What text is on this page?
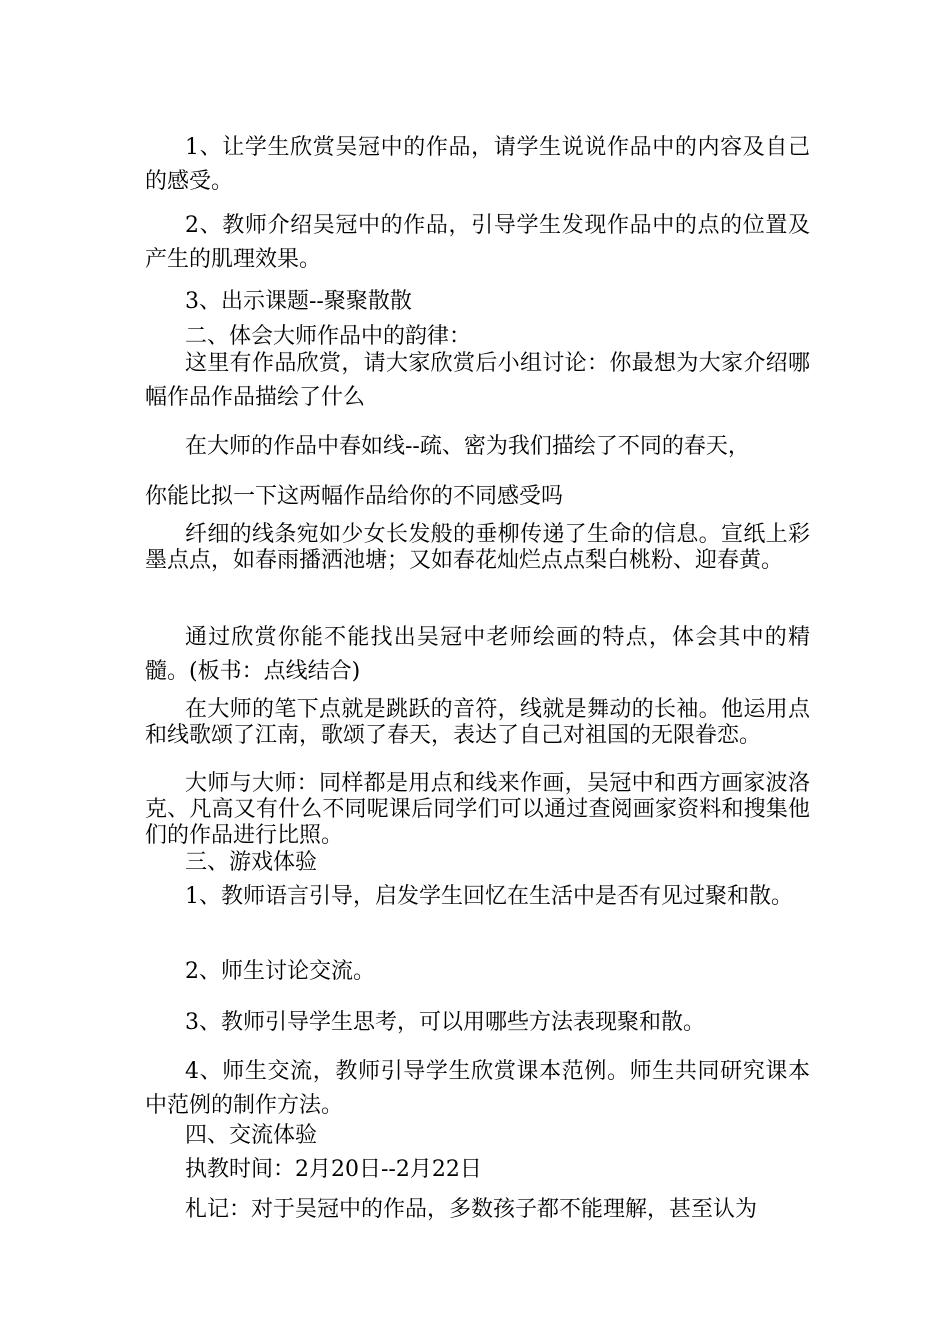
1、让学生欣赏吴冠中的作品，请学生说说作品中的内容及自己的感受。

2、教师介绍吴冠中的作品，引导学生发现作品中的点的位置及产生的肌理效果。

3、出示课题--聚聚散散

二、体会大师作品中的韵律：

这里有作品欣赏，请大家欣赏后小组讨论：你最想为大家介绍哪幅作品作品描绘了什么

在大师的作品中春如线--疏、密为我们描绘了不同的春天，

你能比拟一下这两幅作品给你的不同感受吗

纤细的线条宛如少女长发般的垂柳传递了生命的信息。宣纸上彩墨点点，如春雨播洒池塘；又如春花灿烂点点梨白桃粉、迎春黄。

通过欣赏你能不能找出吴冠中老师绘画的特点，体会其中的精髓。(板书：点线结合)

在大师的笔下点就是跳跃的音符，线就是舞动的长袖。他运用点和线歌颂了江南，歌颂了春天，表达了自己对祖国的无限眷恋。

大师与大师：同样都是用点和线来作画，吴冠中和西方画家波洛克、凡高又有什么不同呢课后同学们可以通过查阅画家资料和搜集他们的作品进行比照。

三、游戏体验

1、教师语言引导，启发学生回忆在生活中是否有见过聚和散。

2、师生讨论交流。

3、教师引导学生思考，可以用哪些方法表现聚和散。

4、师生交流，教师引导学生欣赏课本范例。师生共同研究课本中范例的制作方法。

四、交流体验

执教时间：2月20日--2月22日

札记：对于吴冠中的作品，多数孩子都不能理解，甚至认为
